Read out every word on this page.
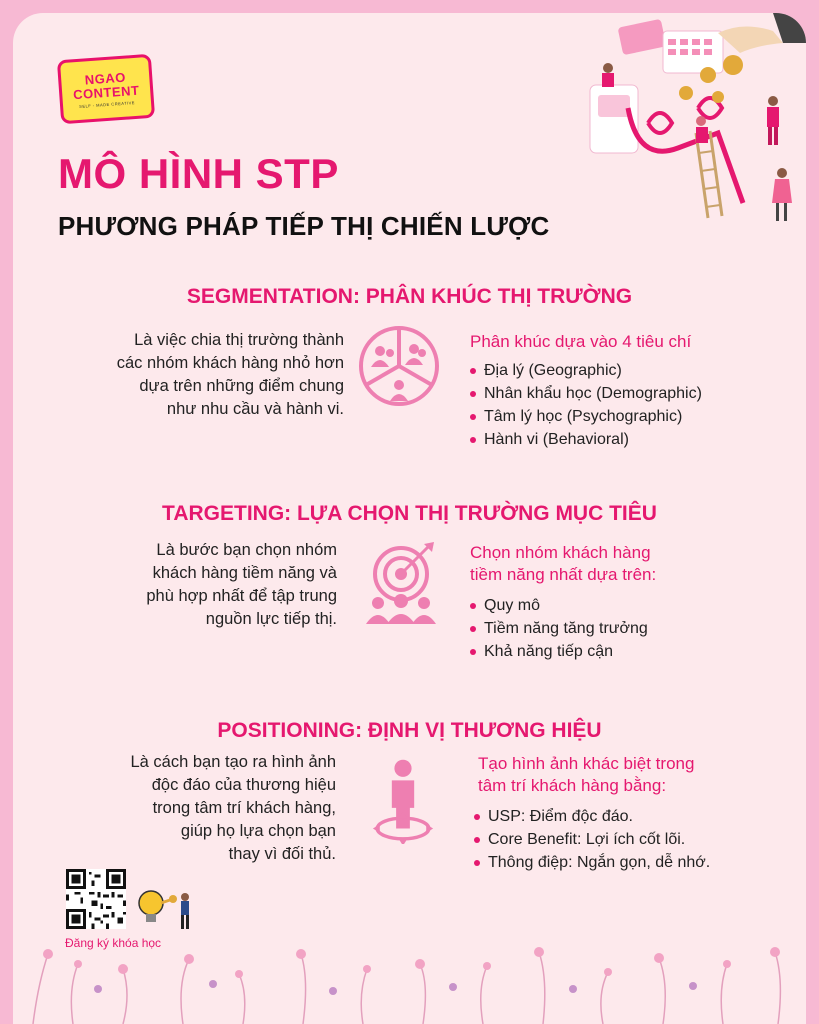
NGAO
CONTENT
SELF - MADE CREATIVE
MÔ HÌNH STP
PHƯƠNG PHÁP TIẾP THỊ CHIẾN LƯỢC
SEGMENTATION: PHÂN KHÚC THỊ TRƯỜNG
Là việc chia thị trường thành
các nhóm khách hàng nhỏ hơn
dựa trên những điểm chung
như nhu cầu và hành vi.
Phân khúc dựa vào 4 tiêu chí
Địa lý (Geographic)
Nhân khẩu học (Demographic)
Tâm lý học (Psychographic)
Hành vi (Behavioral)
TARGETING: LỰA CHỌN THỊ TRƯỜNG MỤC TIÊU
Là bước bạn chọn nhóm
khách hàng tiềm năng và
phù hợp nhất để tập trung
nguồn lực tiếp thị.
Chọn nhóm khách hàng
tiềm năng nhất dựa trên:
Quy mô
Tiềm năng tăng trưởng
Khả năng tiếp cận
POSITIONING: ĐỊNH VỊ THƯƠNG HIỆU
Là cách bạn tạo ra hình ảnh
độc đáo của thương hiệu
trong tâm trí khách hàng,
giúp họ lựa chọn bạn
thay vì đối thủ.
Tạo hình ảnh khác biệt trong
tâm trí khách hàng bằng:
USP: Điểm độc đáo.
Core Benefit: Lợi ích cốt lõi.
Thông điệp: Ngắn gọn, dễ nhớ.
Đăng ký khóa học
